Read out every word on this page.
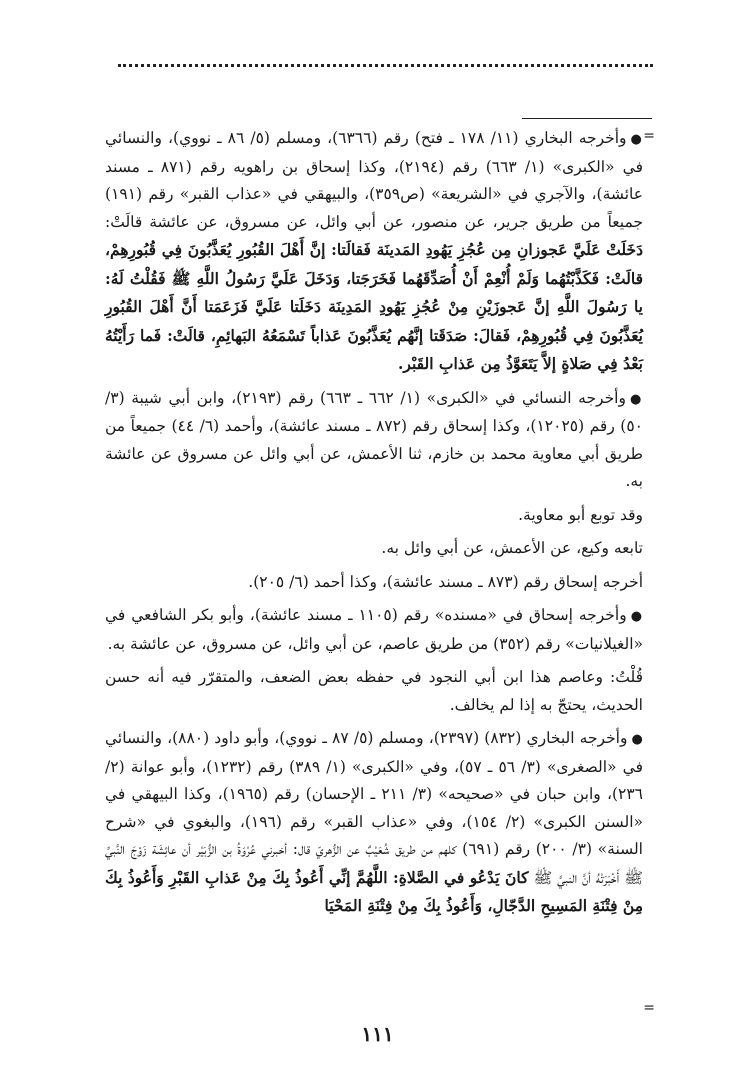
=

●وأخرجه البخاري (١١/ ١٧٨ ـ فتح) رقم (٦٣٦٦)، ومسلم (٥/ ٨٦ ـ نووي)، والنسائي في «الكبرى» (١/ ٦٦٣) رقم (٢١٩٤)، وكذا إسحاق بن راهويه رقم (٨٧١ ـ مسند عائشة)، والآجري في «الشريعة» (ص٣٥٩)، والبيهقي في «عذاب القبر» رقم (١٩١) جميعاً من طريق جرير، عن منصور، عن أبي وائل، عن مسروق، عن عائشة قالَتْ: دَخَلَتْ عَلَيَّ عَجوزانِ مِن عُجُزِ يَهُودِ المَدينَة فَقالَتا: إنَّ أَهْلَ القُبُورِ يُعَذَّبُونَ فِي قُبُورِهِمْ، قالَتْ: فَكَذَّبْتُهُما وَلَمْ أُنْعِمْ أَنْ أُصَدِّقَهُما فَخَرَجَتا، وَدَخَلَ عَلَيَّ رَسُولُ اللَّهِ ﷺ فَقُلْتُ لَهُ: يا رَسُولَ اللَّهِ إنَّ عَجوزَيْنِ مِنْ عُجُزِ يَهُودِ المَدِينَة دَخَلَتا عَلَيَّ فَزَعَمَتا أَنَّ أَهْلَ القُبُورِ يُعَذَّبُونَ فِي قُبُورِهِمْ، فَقالَ: صَدَقَتا إنَّهُم يُعَذَّبُونَ عَذاباً تَسْمَعُهُ البَهائِمِ، قالَتْ: فَما رَأَيْتُهُ بَعْدُ فِي صَلاةٍ إلاَّ يَتَعَوَّذُ مِن عَذابِ القَبْر.

●وأخرجه النسائي في «الكبرى» (١/ ٦٦٢ ـ ٦٦٣) رقم (٢١٩٣)، وابن أبي شيبة (٣/ ٥٠) رقم (١٢٠٢٥)، وكذا إسحاق رقم (٨٧٢ ـ مسند عائشة)، وأحمد (٦/ ٤٤) جميعاً من طريق أبي معاوية محمد بن خازم، ثنا الأعمش، عن أبي وائل عن مسروق عن عائشة به.

وقد توبع أبو معاوية.

تابعه وكيع، عن الأعمش، عن أبي وائل به.

أخرجه إسحاق رقم (٨٧٣ ـ مسند عائشة)، وكذا أحمد (٦/ ٢٠٥).

●وأخرجه إسحاق في «مسنده» رقم (١١٠٥ ـ مسند عائشة)، وأبو بكر الشافعي في «الغيلانيات» رقم (٣٥٢) من طريق عاصم، عن أبي وائل، عن مسروق، عن عائشة به.

قُلْتُ: وعاصم هذا ابن أبي النجود في حفظه بعض الضعف، والمتقرّر فيه أنه حسن الحديث، يحتجّ به إذا لم يخالف.

●وأخرجه البخاري (٨٣٢) (٢٣٩٧)، ومسلم (٥/ ٨٧ ـ نووي)، وأبو داود (٨٨٠)، والنسائي في «الصغرى» (٣/ ٥٦ ـ ٥٧)، وفي «الكبرى» (١/ ٣٨٩) رقم (١٢٣٢)، وأبو عوانة (٢/ ٢٣٦)، وابن حبان في «صحيحه» (٣/ ٢١١ ـ الإحسان) رقم (١٩٦٥)، وكذا البيهقي في «السنن الكبرى» (٢/ ١٥٤)، وفي «عذاب القبر» رقم (١٩٦)، والبغوي في «شرح السنة» (٣/ ٢٠٠) رقم (٦٩١) كلهم من طريق شُعَيْبٌ عن الزُّهريّ قال: أخبرني عُرْوَةُ بن الزُّبَيْر أن عائِشَة زَوْجَ النَّبيِّ ﷺ أَخْبَرَتْهُ أنَّ النبيَّ ﷺ كانَ يَدْعُو في الصَّلاةِ: اللَّهُمَّ إنِّي أَعُوذُ بِكَ مِنْ عَذابِ القَبْرِ وَأَعُوذُ بِكَ مِنْ فِتْنَةِ المَسِيحِ الدَّجّالِ، وَأَعُوذُ بِكَ مِنْ فِتْنَةِ المَحْيَا

=
١١١
